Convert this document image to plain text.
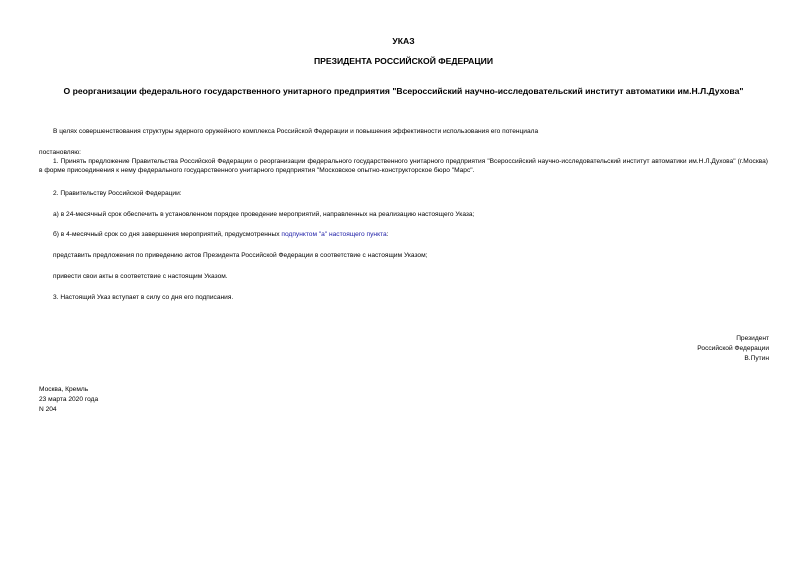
УКАЗ
ПРЕЗИДЕНТА РОССИЙСКОЙ ФЕДЕРАЦИИ
О реорганизации федерального государственного унитарного предприятия "Всероссийский научно-исследовательский институт автоматики им.Н.Л.Духова"
В целях совершенствования структуры ядерного оружейного комплекса Российской Федерации и повышения эффективности использования его потенциала
постановляю:
1. Принять предложение Правительства Российской Федерации о реорганизации федерального государственного унитарного предприятия "Всероссийский научно-исследовательский институт автоматики им.Н.Л.Духова" (г.Москва) в форме присоединения к нему федерального государственного унитарного предприятия "Московское опытно-конструкторское бюро "Марс".
2. Правительству Российской Федерации:
а) в 24-месячный срок обеспечить в установленном порядке проведение мероприятий, направленных на реализацию настоящего Указа;
б) в 4-месячный срок со дня завершения мероприятий, предусмотренных подпунктом "а" настоящего пункта:
представить предложения по приведению актов Президента Российской Федерации в соответствие с настоящим Указом;
привести свои акты в соответствие с настоящим Указом.
3. Настоящий Указ вступает в силу со дня его подписания.
Президент
Российской Федерации
В.Путин
Москва, Кремль
23 марта 2020 года
N 204
